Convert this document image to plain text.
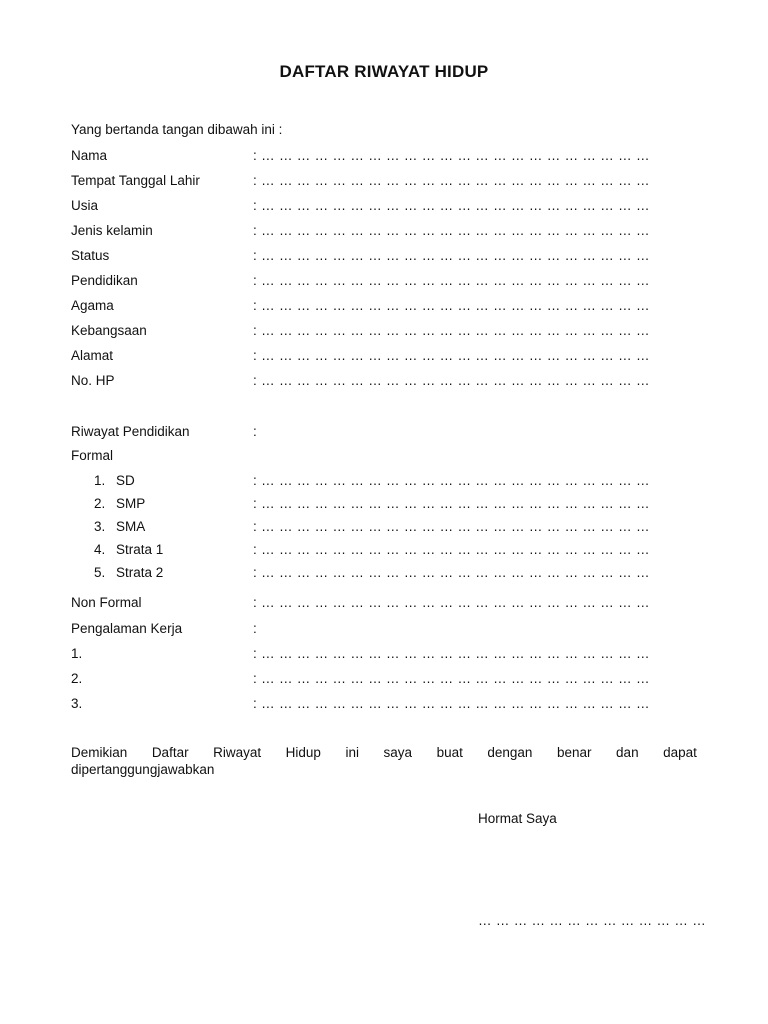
DAFTAR RIWAYAT HIDUP
Yang bertanda tangan dibawah ini :
Nama	: … … … … … … … … … … … … … … … … … … … … … …
Tempat Tanggal Lahir	: … … … … … … … … … … … … … … … … … … … … … …
Usia	: … … … … … … … … … … … … … … … … … … … … … …
Jenis kelamin	: … … … … … … … … … … … … … … … … … … … … … …
Status	: … … … … … … … … … … … … … … … … … … … … … …
Pendidikan	: … … … … … … … … … … … … … … … … … … … … … …
Agama	: … … … … … … … … … … … … … … … … … … … … … …
Kebangsaan	: … … … … … … … … … … … … … … … … … … … … … …
Alamat	: … … … … … … … … … … … … … … … … … … … … … …
No. HP	: … … … … … … … … … … … … … … … … … … … … … …
Riwayat Pendidikan	:
Formal
1. SD	: … … … … … … … … … … … … … … … … … … … … … …
2. SMP	: … … … … … … … … … … … … … … … … … … … … … …
3. SMA	: … … … … … … … … … … … … … … … … … … … … … …
4. Strata 1	: … … … … … … … … … … … … … … … … … … … … … …
5. Strata 2	: … … … … … … … … … … … … … … … … … … … … … …
Non Formal	: … … … … … … … … … … … … … … … … … … … … … …
Pengalaman Kerja	:
1.	: … … … … … … … … … … … … … … … … … … … … … …
2.	: … … … … … … … … … … … … … … … … … … … … … …
3.	: … … … … … … … … … … … … … … … … … … … … … …
Demikian Daftar Riwayat Hidup ini saya buat dengan benar dan dapat
dipertanggungjawabkan
Hormat Saya
… … … … … … … … … … … … …
